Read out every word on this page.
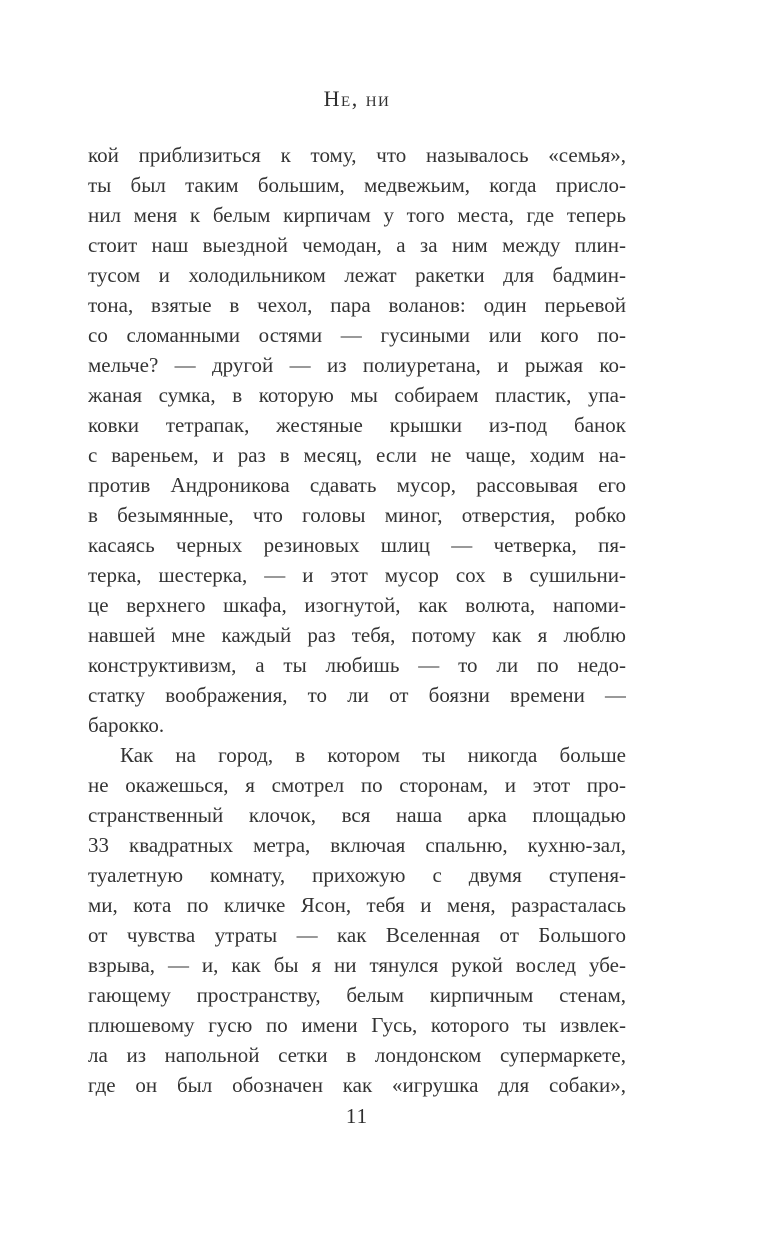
Не, ни
кой приблизиться к тому, что называлось «семья»,
ты был таким большим, медвежьим, когда присло-
нил меня к белым кирпичам у того места, где теперь
стоит наш выездной чемодан, а за ним между плин-
тусом и холодильником лежат ракетки для бадмин-
тона, взятые в чехол, пара воланов: один перьевой
со сломанными остями — гусиными или кого по-
мельче? — другой — из полиуретана, и рыжая ко-
жаная сумка, в которую мы собираем пластик, упа-
ковки тетрапак, жестяные крышки из-под банок
с вареньем, и раз в месяц, если не чаще, ходим на-
против Андроникова сдавать мусор, рассовывая его
в безымянные, что головы миног, отверстия, робко
касаясь черных резиновых шлиц — четверка, пя-
терка, шестерка, — и этот мусор сох в сушильни-
це верхнего шкафа, изогнутой, как волюта, напоми-
навшей мне каждый раз тебя, потому как я люблю
конструктивизм, а ты любишь — то ли по недо-
статку воображения, то ли от боязни времени —
барокко.
Как на город, в котором ты никогда больше
не окажешься, я смотрел по сторонам, и этот про-
странственный клочок, вся наша арка площадью
33 квадратных метра, включая спальню, кухню-зал,
туалетную комнату, прихожую с двумя ступеня-
ми, кота по кличке Ясон, тебя и меня, разрасталась
от чувства утраты — как Вселенная от Большого
взрыва, — и, как бы я ни тянулся рукой вослед убе-
гающему пространству, белым кирпичным стенам,
плюшевому гусю по имени Гусь, которого ты извлек-
ла из напольной сетки в лондонском супермаркете,
где он был обозначен как «игрушка для собаки»,
11
